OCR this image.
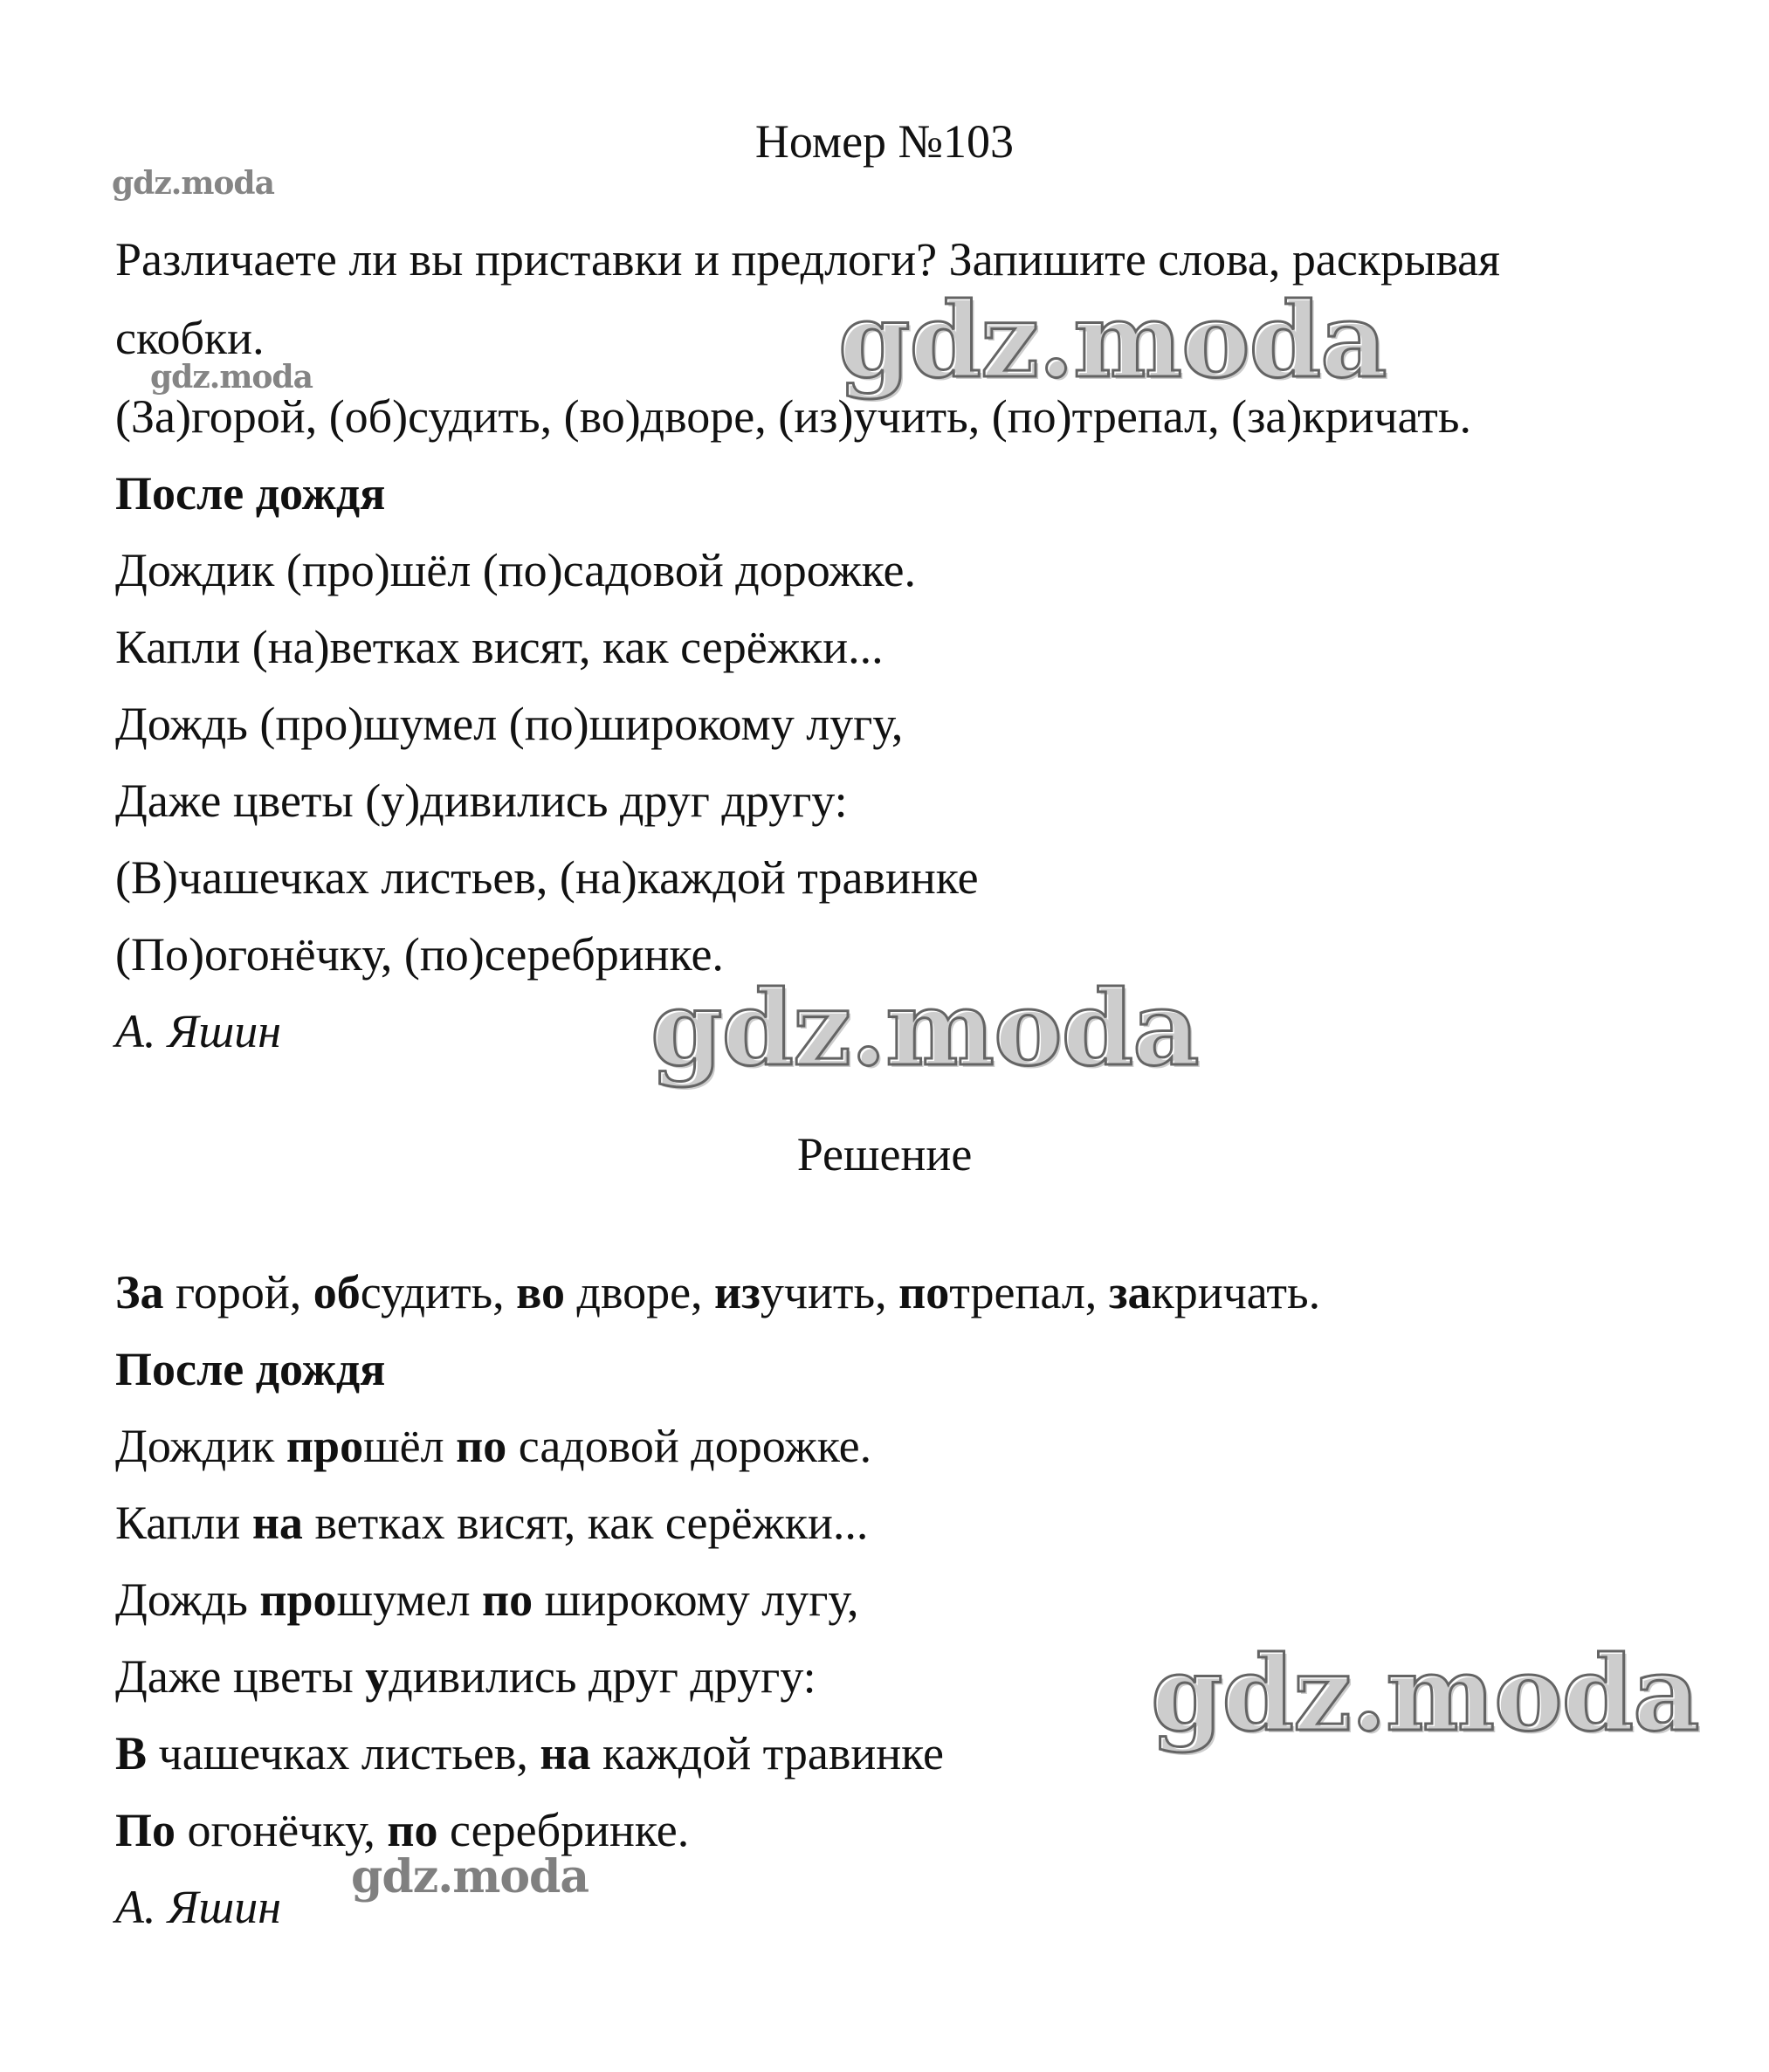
Номер №103
gdz.moda
gdz.moda	gdz.moda
gdz.moda
gdz.moda
gdz.moda
Различаете ли вы приставки и предлоги? Запишите слова, раскрывая
скобки.
(За)горой, (об)судить, (во)дворе, (из)учить, (по)трепал, (за)кричать.
После дождя
Дождик (про)шёл (по)садовой дорожке.
Капли (на)ветках висят, как серёжки...
Дождь (про)шумел (по)широкому лугу,
Даже цветы (у)дивились друг другу:
(В)чашечках листьев, (на)каждой травинке
(По)огонёчку, (по)серебринке.
А. Яшин
Решение
За горой, обсудить, во дворе, изучить, потрепал, закричать.
После дождя
Дождик прошёл по садовой дорожке.
Капли на ветках висят, как серёжки...
Дождь прошумел по широкому лугу,
Даже цветы удивились друг другу:
В чашечках листьев, на каждой травинке
По огонёчку, по серебринке.
А. Яшин
